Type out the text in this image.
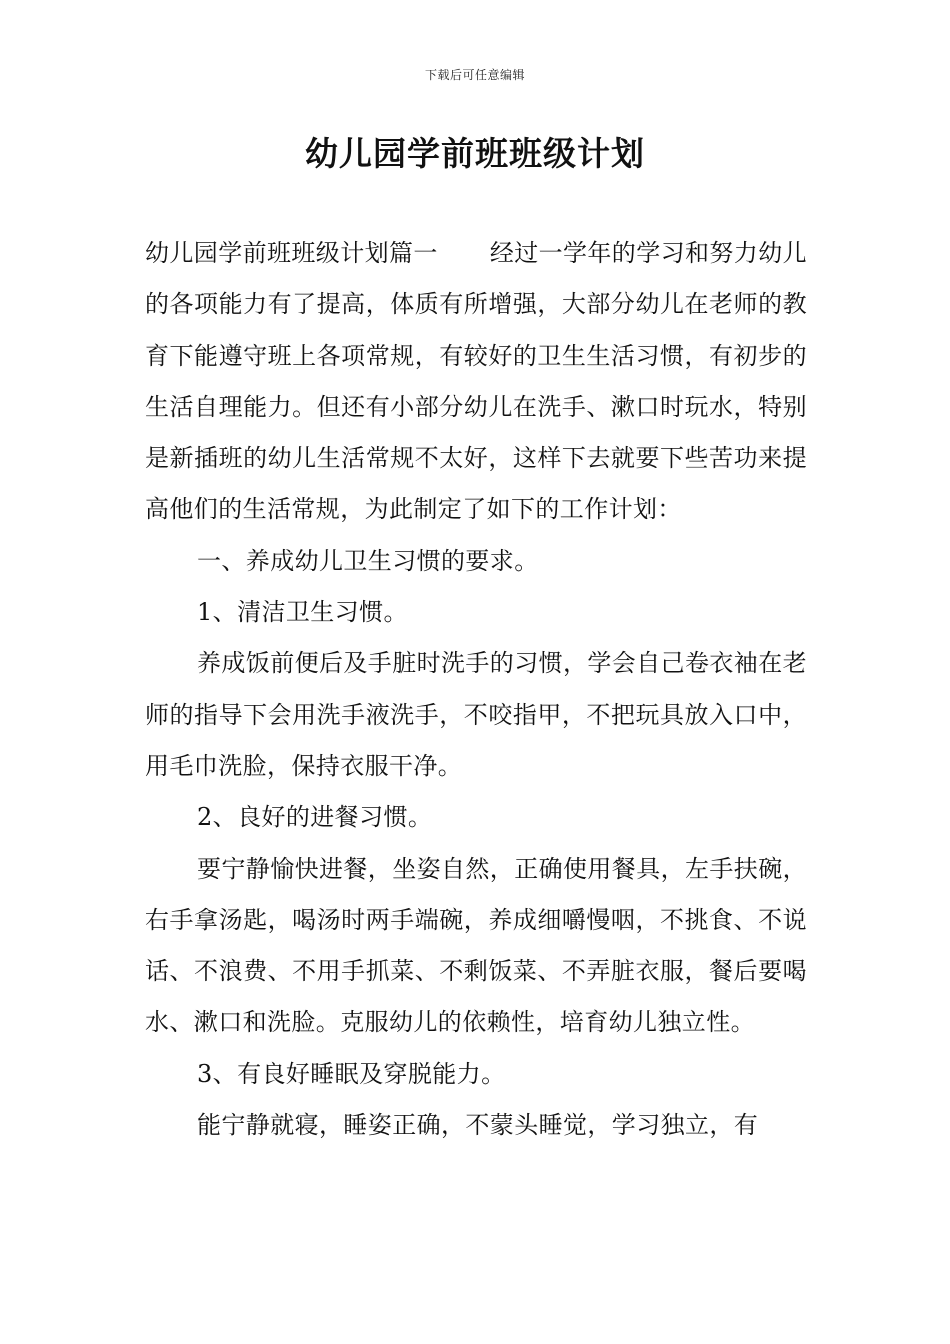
下载后可任意编辑
幼儿园学前班班级计划

幼儿园学前班班级计划篇一 经过一学年的学习和努力幼儿的各项能力有了提高，体质有所增强，大部分幼儿在老师的教育下能遵守班上各项常规，有较好的卫生生活习惯，有初步的生活自理能力。但还有小部分幼儿在洗手、漱口时玩水，特别是新插班的幼儿生活常规不太好，这样下去就要下些苦功来提高他们的生活常规，为此制定了如下的工作计划：

一、养成幼儿卫生习惯的要求。

1、清洁卫生习惯。

养成饭前便后及手脏时洗手的习惯，学会自己卷衣袖在老师的指导下会用洗手液洗手，不咬指甲，不把玩具放入口中，用毛巾洗脸，保持衣服干净。

2、良好的进餐习惯。

要宁静愉快进餐，坐姿自然，正确使用餐具，左手扶碗，右手拿汤匙，喝汤时两手端碗，养成细嚼慢咽，不挑食、不说话、不浪费、不用手抓菜、不剩饭菜、不弄脏衣服，餐后要喝水、漱口和洗脸。克服幼儿的依赖性，培育幼儿独立性。

3、有良好睡眠及穿脱能力。

能宁静就寝，睡姿正确，不蒙头睡觉，学习独立，有
